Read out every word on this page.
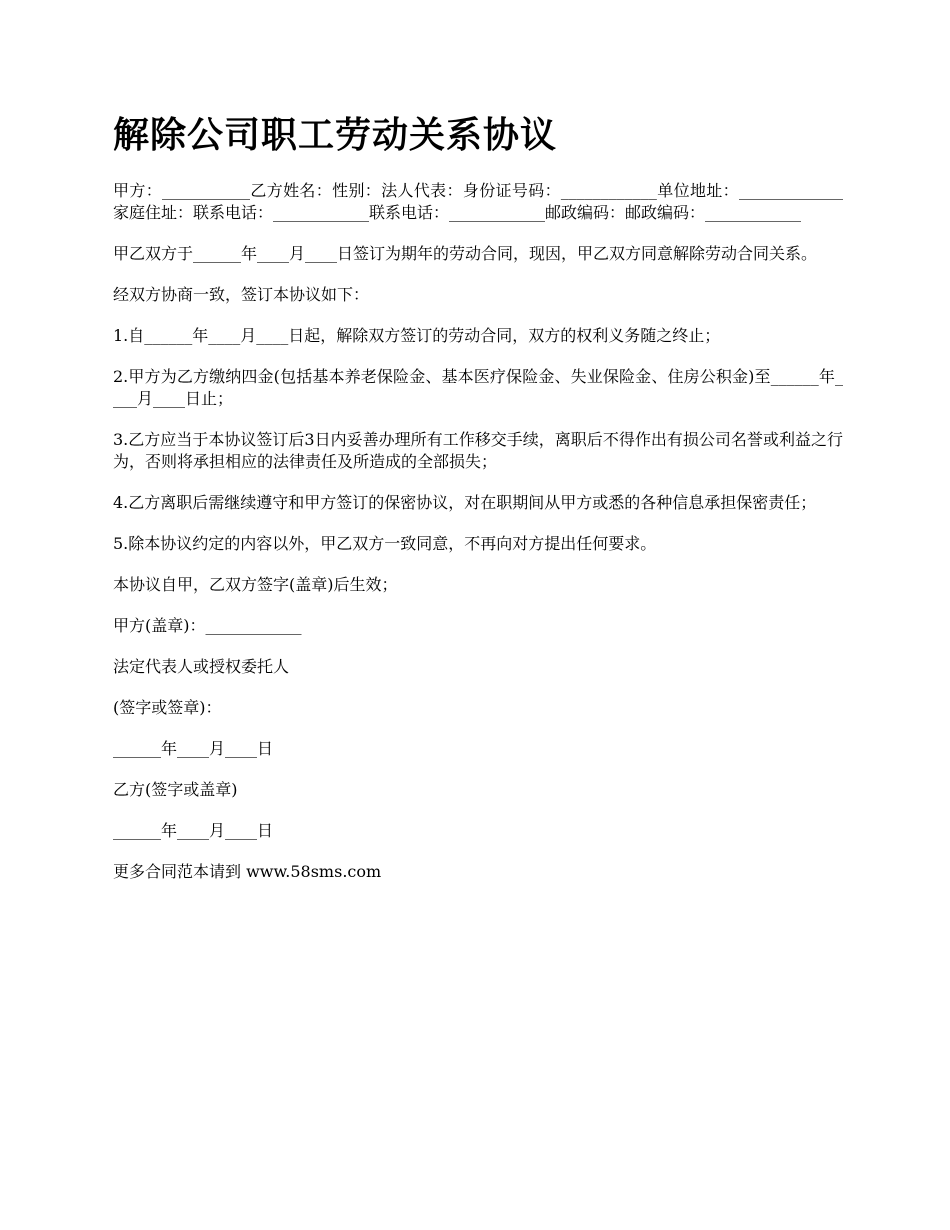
解除公司职工劳动关系协议

甲方：___________乙方姓名：性别：法人代表：身份证号码：____________单位地址：_____________家庭住址：联系电话：____________联系电话：____________邮政编码：邮政编码：____________

甲乙双方于______年____月____日签订为期年的劳动合同，现因，甲乙双方同意解除劳动合同关系。

经双方协商一致，签订本协议如下：

1.自______年____月____日起，解除双方签订的劳动合同，双方的权利义务随之终止；

2.甲方为乙方缴纳四金(包括基本养老保险金、基本医疗保险金、失业保险金、住房公积金)至______年____月____日止；

3.乙方应当于本协议签订后3日内妥善办理所有工作移交手续，离职后不得作出有损公司名誉或利益之行为，否则将承担相应的法律责任及所造成的全部损失；

4.乙方离职后需继续遵守和甲方签订的保密协议，对在职期间从甲方或悉的各种信息承担保密责任；

5.除本协议约定的内容以外，甲乙双方一致同意，不再向对方提出任何要求。

本协议自甲，乙双方签字(盖章)后生效；

甲方(盖章)：____________

法定代表人或授权委托人

(签字或签章)：

______年____月____日

乙方(签字或盖章)

______年____月____日

更多合同范本请到 www.58sms.com
